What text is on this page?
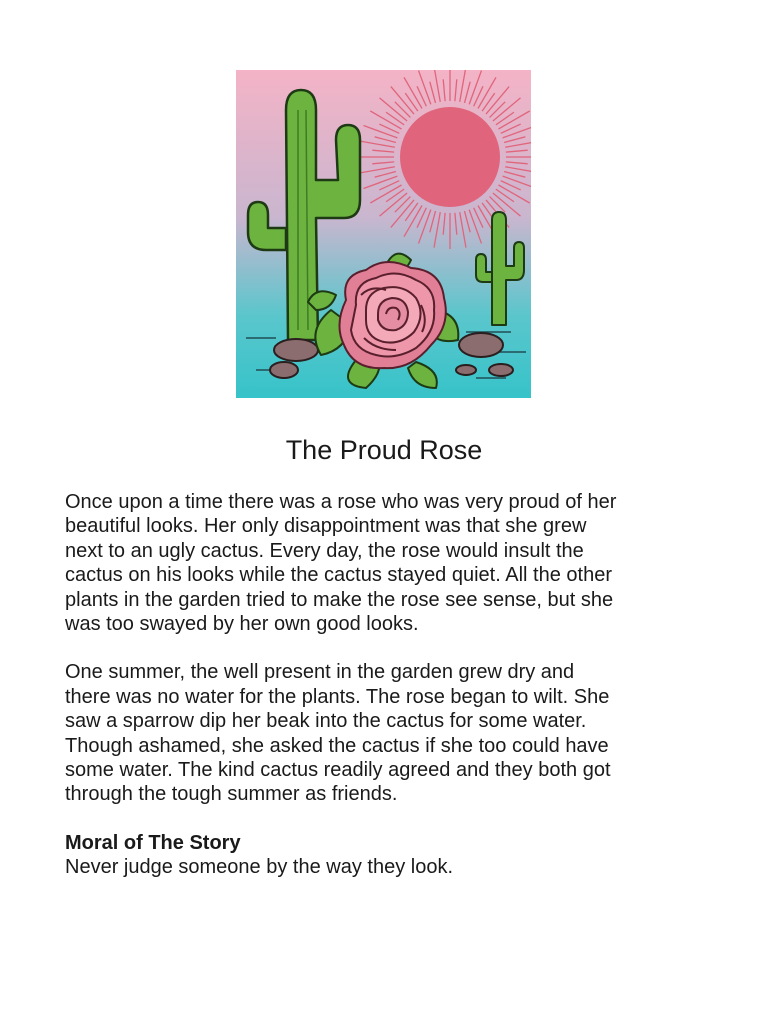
The Proud Rose

Once upon a time there was a rose who was very proud of her
beautiful looks. Her only disappointment was that she grew
next to an ugly cactus. Every day, the rose would insult the
cactus on his looks while the cactus stayed quiet. All the other
plants in the garden tried to make the rose see sense, but she
was too swayed by her own good looks.

One summer, the well present in the garden grew dry and
there was no water for the plants. The rose began to wilt. She
saw a sparrow dip her beak into the cactus for some water.
Though ashamed, she asked the cactus if she too could have
some water. The kind cactus readily agreed and they both got
through the tough summer as friends.

Moral of The Story

Never judge someone by the way they look.
